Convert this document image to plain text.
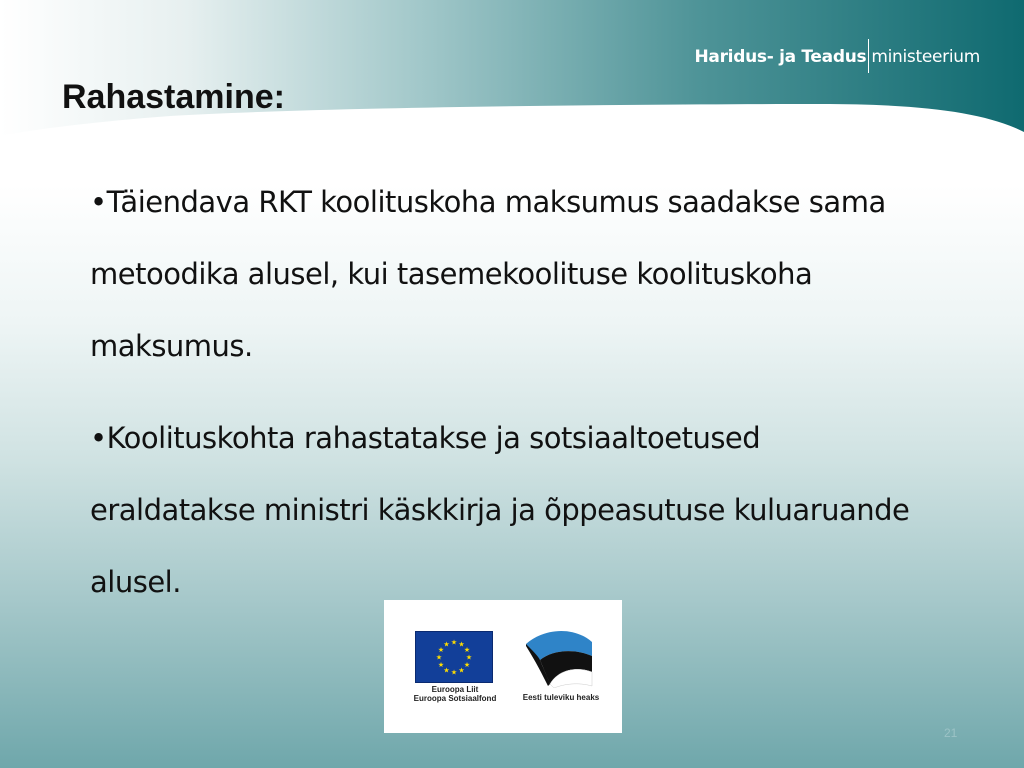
Haridus- ja Teadus ministeerium
Rahastamine:
•Täiendava RKT koolituskoha maksumus saadakse sama metoodika alusel, kui tasemekoolituse koolituskoha maksumus.
•Koolituskohta rahastatakse ja sotsiaaltoetused eraldatakse ministri käskkirja ja õppeasutuse kuluaruande alusel.
★ ★
★
★
★
★
★
★
★
★
★
★
Euroopa Liit
Euroopa Sotsiaalfond	Eesti tuleviku heaks
21
